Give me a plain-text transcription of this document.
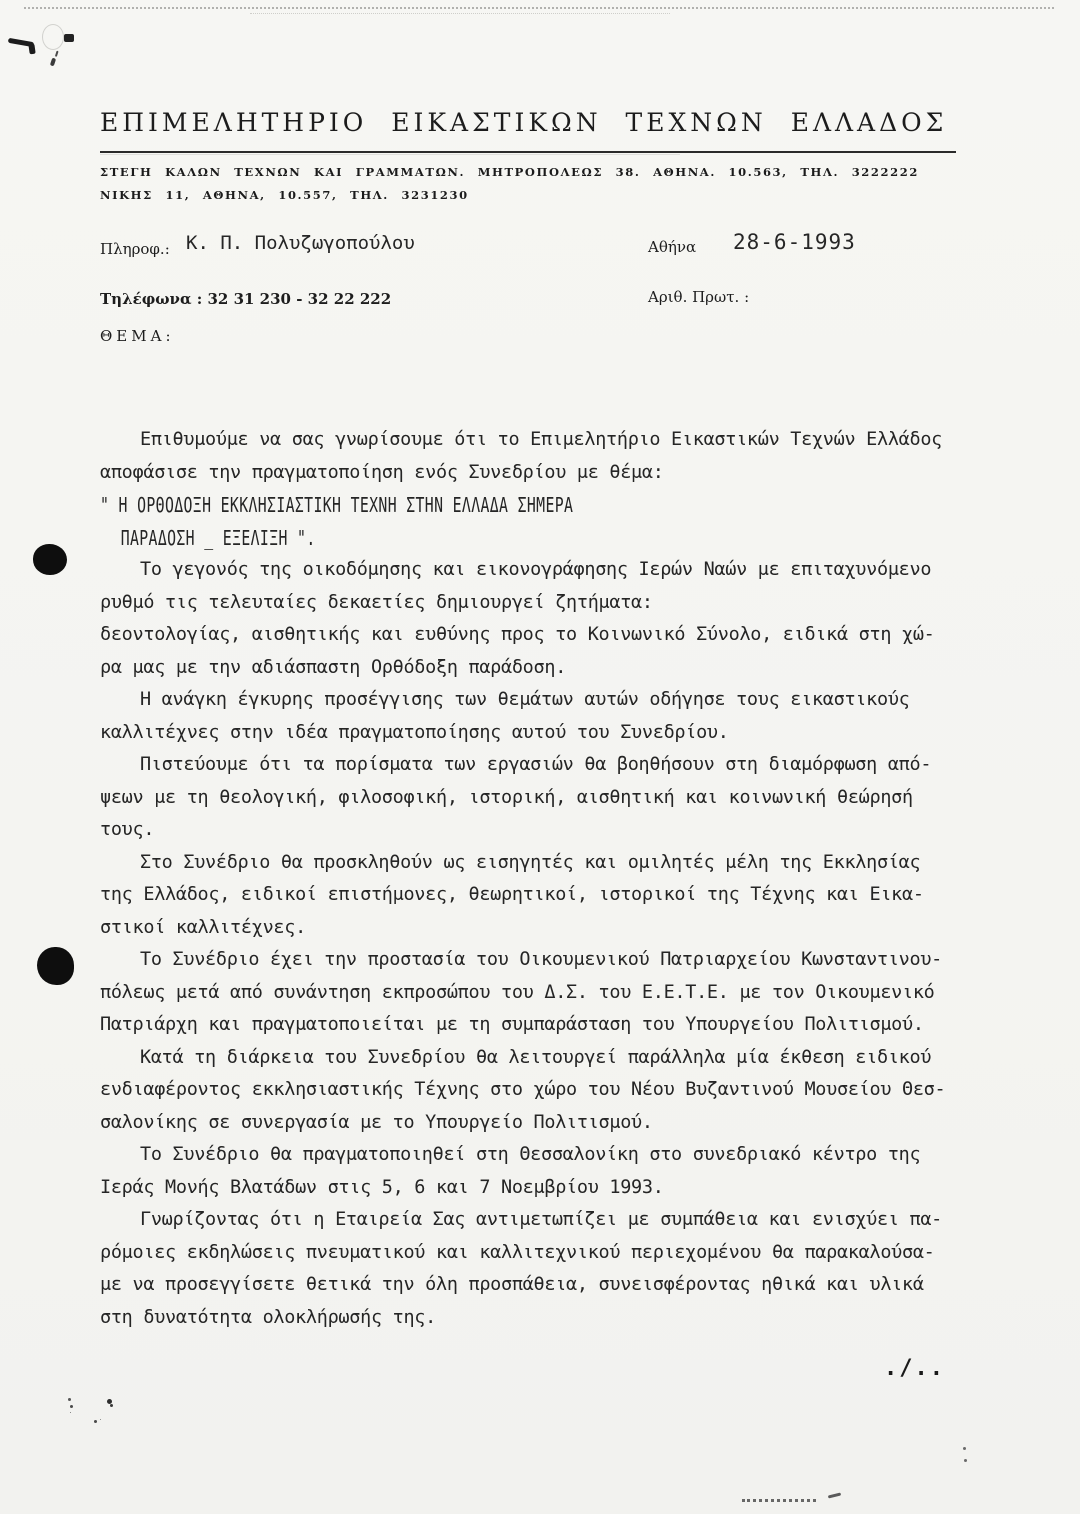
ΕΠΙΜΕΛΗΤΗΡΙΟ ΕΙΚΑΣΤΙΚΩΝ ΤΕΧΝΩΝ ΕΛΛΑΔΟΣ
ΣΤΕΓΗ ΚΑΛΩΝ ΤΕΧΝΩΝ ΚΑΙ ΓΡΑΜΜΑΤΩΝ. ΜΗΤΡΟΠΟΛΕΩΣ 38. ΑΘΗΝΑ. 10.563, ΤΗΛ. 3222222
ΝΙΚΗΣ 11, ΑΘΗΝΑ, 10.557, ΤΗΛ. 3231230
Πληροφ.: Κ. Π. Πολυζωγοπούλου
Τηλέφωνα : 32 31 230 - 32 22 222
Αθήνα 28-6-1993
Αριθ. Πρωτ. :
ΘΕΜΑ:
Επιθυμούμε να σας γνωρίσουμε ότι το Επιμελητήριο Εικαστικών Τεχνών Ελλάδος
αποφάσισε την πραγματοποίηση ενός Συνεδρίου με θέμα:
" Η ΟΡΘΟΔΟΞΗ ΕΚΚΛΗΣΙΑΣΤΙΚΗ ΤΕΧΝΗ ΣΤΗΝ ΕΛΛΑΔΑ ΣΗΜΕΡΑ
ΠΑΡΑΔΟΣΗ _ ΕΞΕΛΙΞΗ ".
Το γεγονός της οικοδόμησης και εικονογράφησης Ιερών Ναών με επιταχυνόμενο
ρυθμό τις τελευταίες δεκαετίες δημιουργεί ζητήματα:
δεοντολογίας, αισθητικής και ευθύνης προς το Κοινωνικό Σύνολο, ειδικά στη χώ-
ρα μας με την αδιάσπαστη Ορθόδοξη παράδοση.
Η ανάγκη έγκυρης προσέγγισης των θεμάτων αυτών οδήγησε τους εικαστικούς
καλλιτέχνες στην ιδέα πραγματοποίησης αυτού του Συνεδρίου.
Πιστεύουμε ότι τα πορίσματα των εργασιών θα βοηθήσουν στη διαμόρφωση από-
ψεων με τη θεολογική, φιλοσοφική, ιστορική, αισθητική και κοινωνική θεώρησή
τους.
Στο Συνέδριο θα προσκληθούν ως εισηγητές και ομιλητές μέλη της Εκκλησίας
της Ελλάδος, ειδικοί επιστήμονες, θεωρητικοί, ιστορικοί της Τέχνης και Εικα-
στικοί καλλιτέχνες.
Το Συνέδριο έχει την προστασία του Οικουμενικού Πατριαρχείου Κωνσταντινου-
πόλεως μετά από συνάντηση εκπροσώπου του Δ.Σ. του Ε.Ε.Τ.Ε. με τον Οικουμενικό
Πατριάρχη και πραγματοποιείται με τη συμπαράσταση του Υπουργείου Πολιτισμού.
Κατά τη διάρκεια του Συνεδρίου θα λειτουργεί παράλληλα μία έκθεση ειδικού
ενδιαφέροντος εκκλησιαστικής Τέχνης στο χώρο του Νέου Βυζαντινού Μουσείου Θεσ-
σαλονίκης σε συνεργασία με το Υπουργείο Πολιτισμού.
Το Συνέδριο θα πραγματοποιηθεί στη Θεσσαλονίκη στο συνεδριακό κέντρο της
Ιεράς Μονής Βλατάδων στις 5, 6 και 7 Νοεμβρίου 1993.
Γνωρίζοντας ότι η Εταιρεία Σας αντιμετωπίζει με συμπάθεια και ενισχύει πα-
ρόμοιες εκδηλώσεις πνευματικού και καλλιτεχνικού περιεχομένου θα παρακαλούσα-
με να προσεγγίσετε θετικά την όλη προσπάθεια, συνεισφέροντας ηθικά και υλικά
στη δυνατότητα ολοκλήρωσής της.
./..
